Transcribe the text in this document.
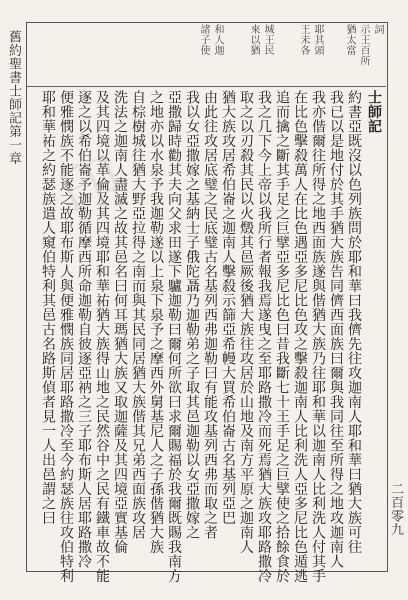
舊約聖書士師記第一章
二百零九
詞
示王百所
猶太當
耶其頭
王未各
城王民
來以猶
和人迦
諸子使
士師記
約書亞既沒以色列族問於耶和華曰我儕先往攻迦南人耶和華曰猶大族可往
我已以是地付於其手猶大族告同儕西面族曰爾與我同往至所得之地攻迦南人
我亦偕爾往所得之地西面族遂與偕猶大族乃往耶和華以迦南人比利洗人付其手
在比色擊殺萬人在比色遇亞多尼比色攻之擊殺迦南人比利洗人亞多尼比色遁逃
追而擒之斷其手足之巨擘亞多尼比色曰昔我斷七十王手足之巨擘使之拾餘食於
我之几下今上帝以我所行者報我焉遂曳之至耶路撒冷而死焉猶大族攻耶路撒冷
取之以刃殺其民以火燬其邑厥後猶大族往攻居於山地及南方平原之迦南人
猶大族攻居希伯崙之迦南人擊殺示篩亞希幔大買希伯崙古名基列亞巴
由此往攻居底璧之民底璧古名基列西弗迦勒曰有能攻基列西弗而取之者
我以女亞撒嫁之基納士子俄陀聶乃迦勒弟之子取其邑迦勒以女亞撒嫁之
亞撒歸時勸其夫向父求田遂下驢迦勒曰爾何所欲曰求爾賜福於我爾既賜我南方
之地亦以水泉予我迦勒遂以上泉下泉予之摩西外舅基尼人之子孫偕猶大族
自棕樹城往猶大野亞拉得之南而與其民同居猶大族偕其兄弟西面族攻居
洗法之迦南人盡滅之故其邑名曰何耳瑪猶大族又取迦薩及其四境亞實基倫
及其四境以革倫及其四境耶和華祐猶大族得山地之民然谷中之民有鐵車故不能
逐之以希伯崙予迦勒循摩西所命迦勒自彼逐亞衲之三子耶布斯人居耶路撒冷
便雅憫族不能逐之故耶布斯人與便雅憫族同居耶路撒冷至今約瑟族往攻伯特利
耶和華祐之約瑟族遣人窺伯特利其邑古名路斯偵者見一人出邑謂之曰
印
